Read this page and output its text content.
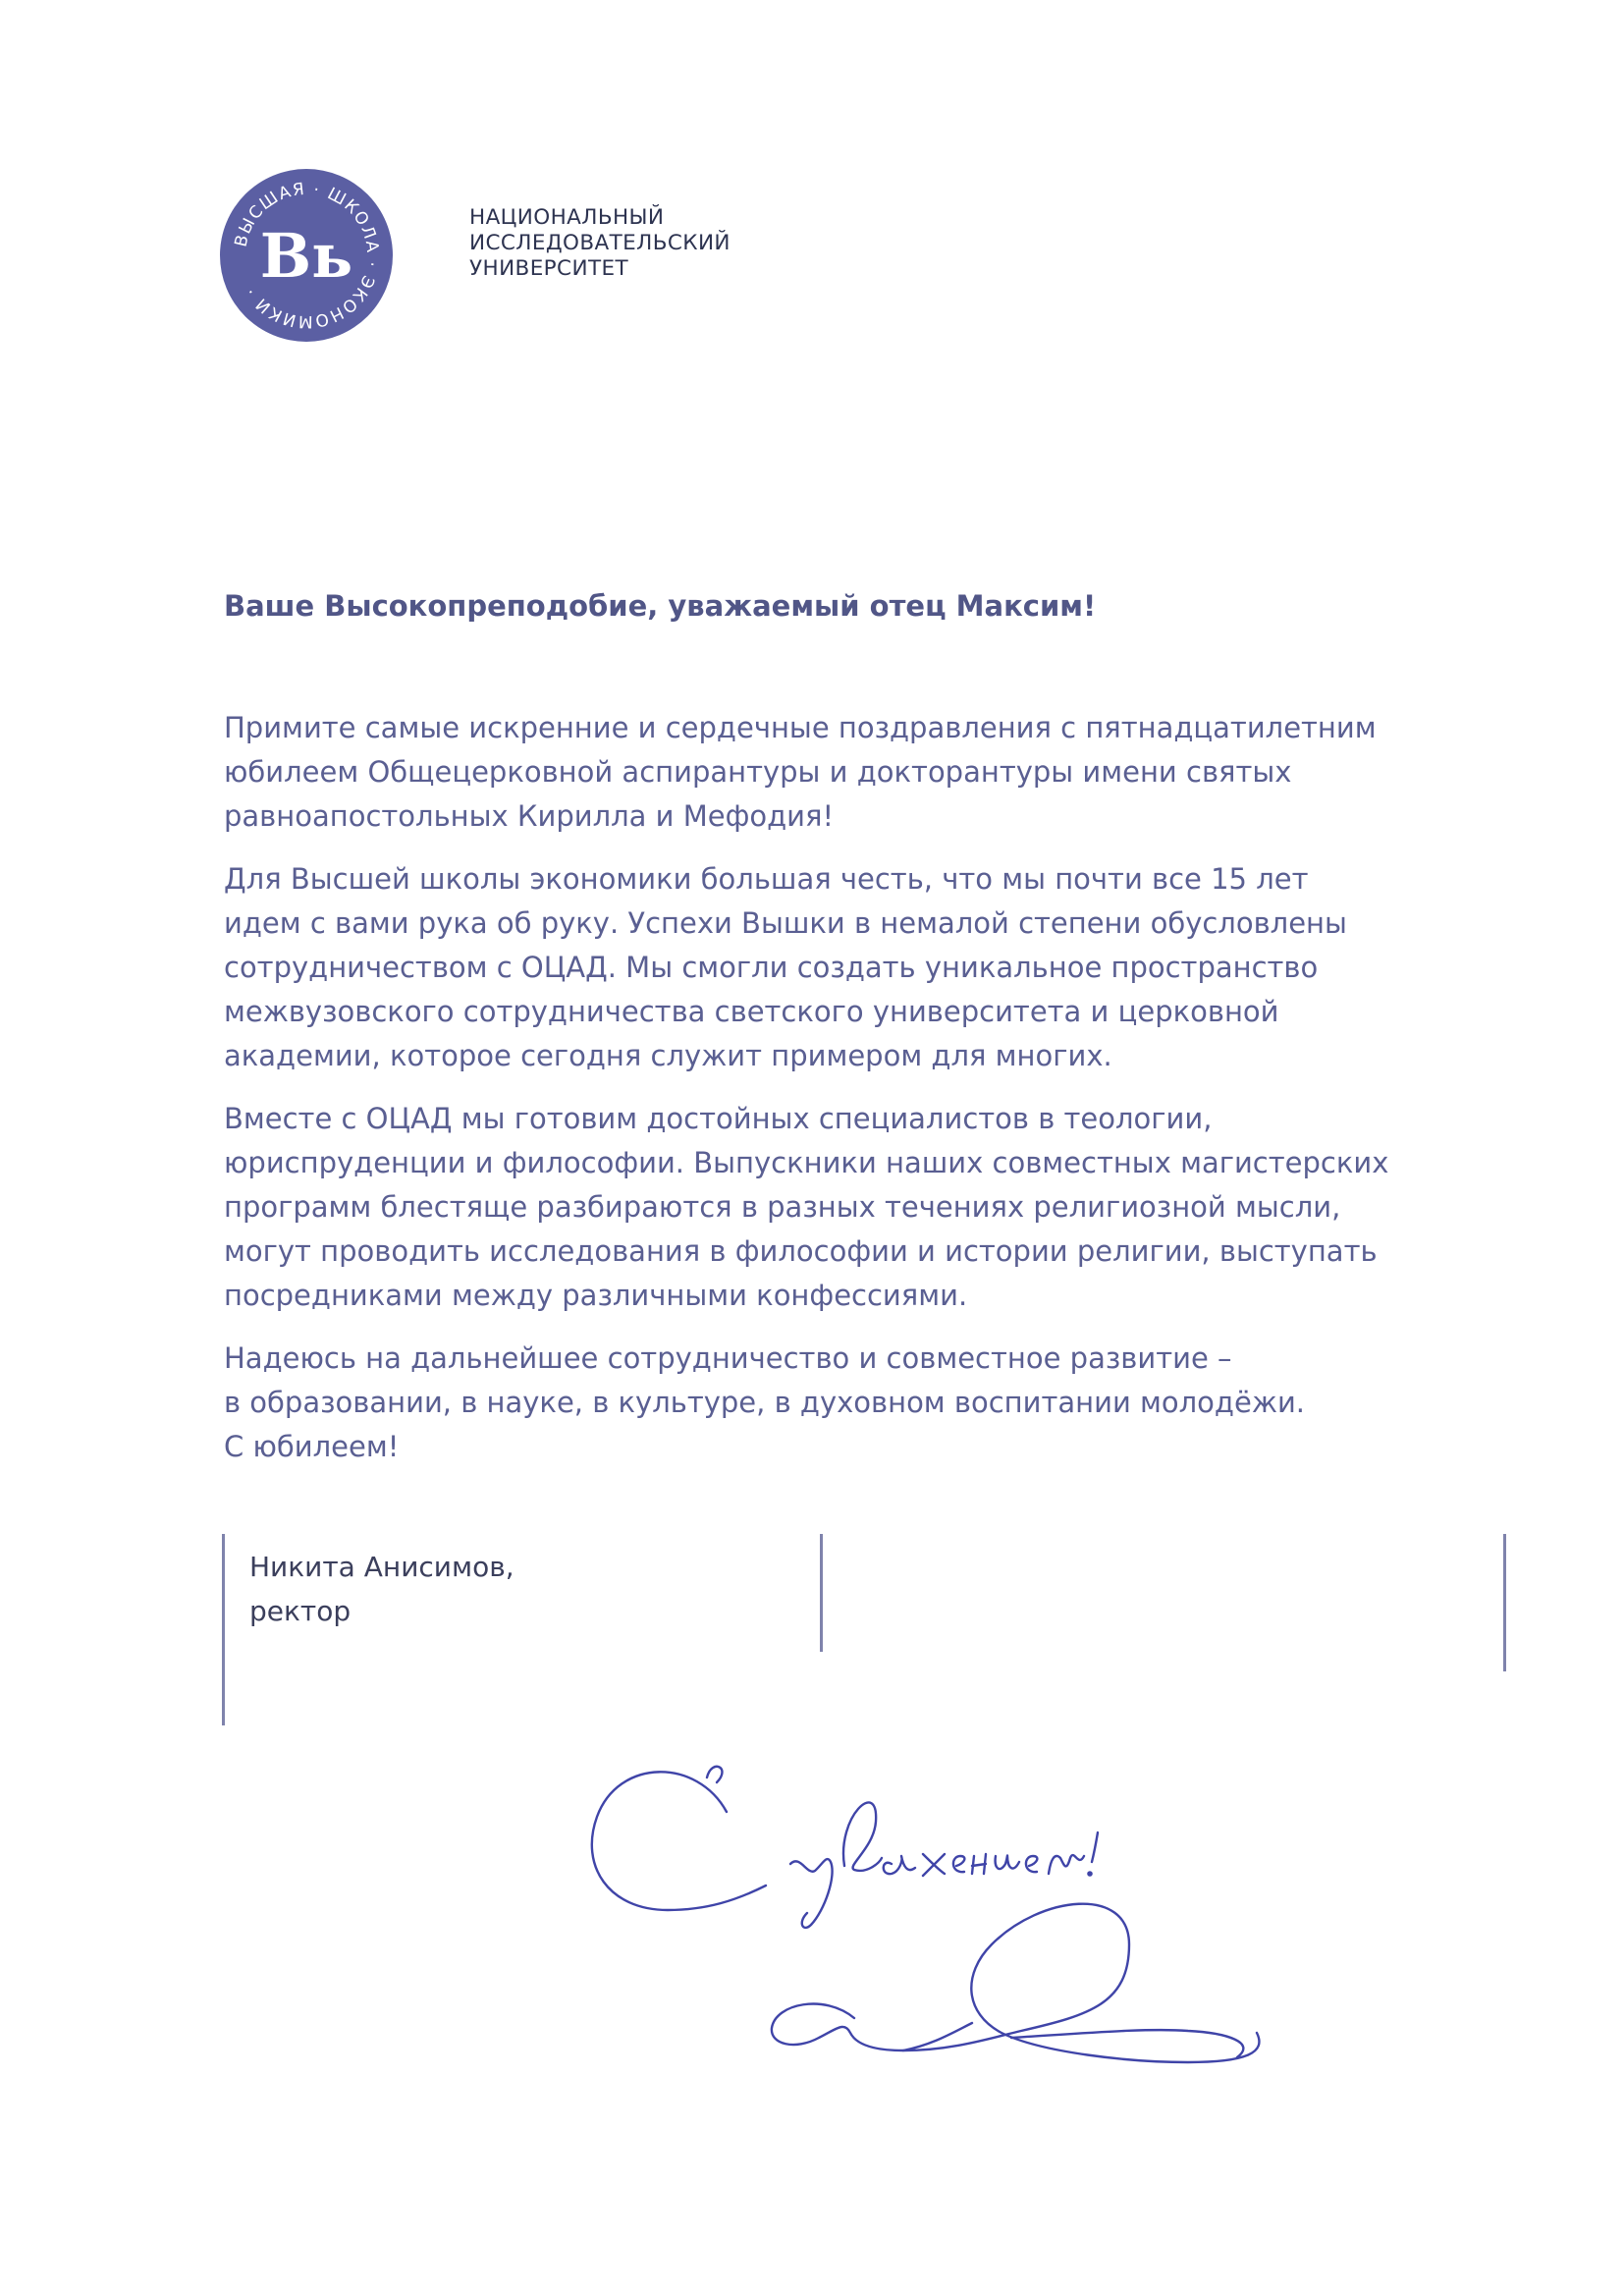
ВЫСШАЯ · ШКОЛА · ЭКОНОМИКИ ·
Вь
НАЦИОНАЛЬНЫЙ
ИССЛЕДОВАТЕЛЬСКИЙ
УНИВЕРСИТЕТ
Ваше Высокопреподобие, уважаемый отец Максим!
Примите самые искренние и сердечные поздравления с пятнадцатилетним
юбилеем Общецерковной аспирантуры и докторантуры имени святых
равноапостольных Кирилла и Мефодия!
Для Высшей школы экономики большая честь, что мы почти все 15 лет
идем с вами рука об руку. Успехи Вышки в немалой степени обусловлены
сотрудничеством с ОЦАД. Мы смогли создать уникальное пространство
межвузовского сотрудничества светского университета и церковной
академии, которое сегодня служит примером для многих.
Вместе с ОЦАД мы готовим достойных специалистов в теологии,
юриспруденции и философии. Выпускники наших совместных магистерских
программ блестяще разбираются в разных течениях религиозной мысли,
могут проводить исследования в философии и истории религии, выступать
посредниками между различными конфессиями.
Надеюсь на дальнейшее сотрудничество и совместное развитие –
в образовании, в науке, в культуре, в духовном воспитании молодёжи.
С юбилеем!
Никита Анисимов,
ректор
